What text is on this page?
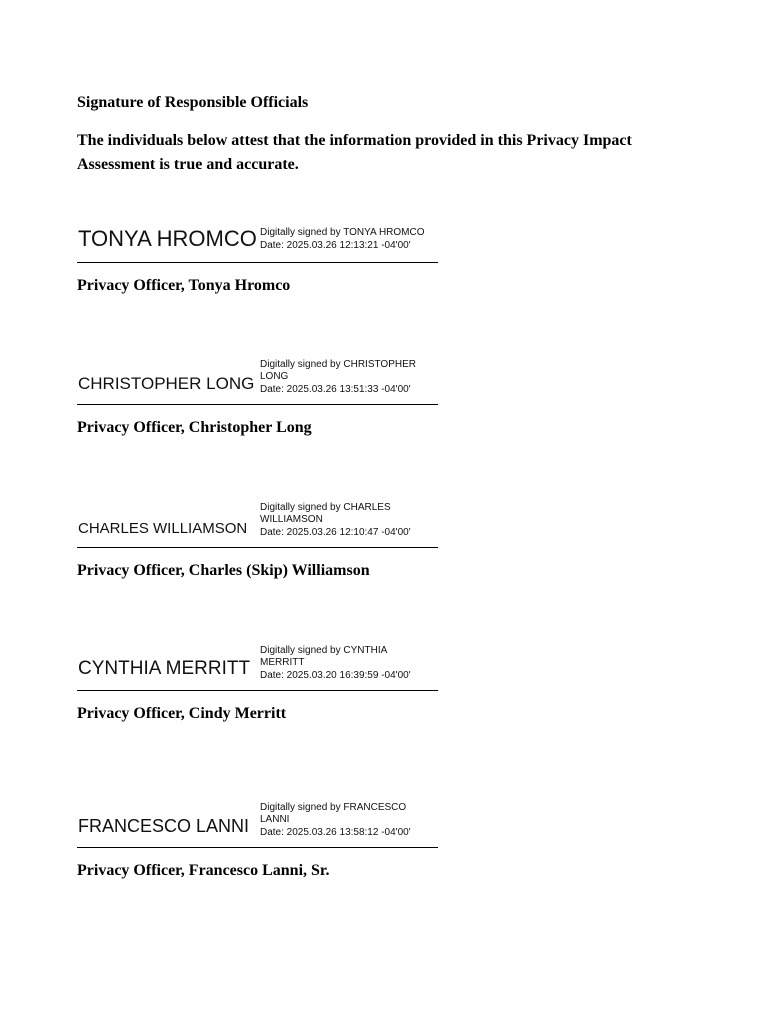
Signature of Responsible Officials

The individuals below attest that the information provided in this Privacy Impact Assessment is true and accurate.

TONYA HROMCO Digitally signed by TONYA HROMCO
Date: 2025.03.26 12:13:21 -04'00'
Privacy Officer, Tonya Hromco
CHRISTOPHER LONG
Digitally signed by CHRISTOPHER
LONG
Date: 2025.03.26 13:51:33 -04'00'
Privacy Officer, Christopher Long
CHARLES WILLIAMSON
Digitally signed by CHARLES
WILLIAMSON
Date: 2025.03.26 12:10:47 -04'00'
Privacy Officer, Charles (Skip) Williamson
CYNTHIA MERRITT
Digitally signed by CYNTHIA
MERRITT
Date: 2025.03.20 16:39:59 -04'00'
Privacy Officer, Cindy Merritt
FRANCESCO LANNI
Digitally signed by FRANCESCO
LANNI
Date: 2025.03.26 13:58:12 -04'00'
Privacy Officer, Francesco Lanni, Sr.
